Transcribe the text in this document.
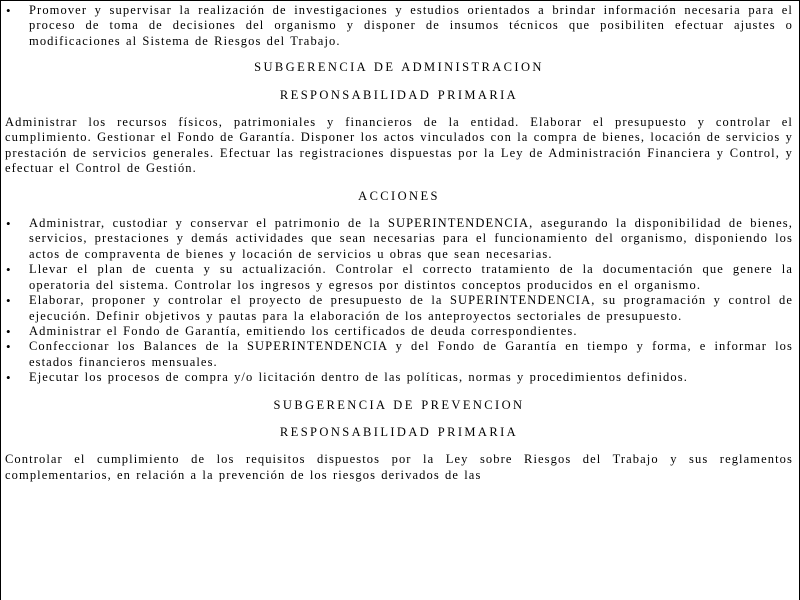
• Promover y supervisar la realización de investigaciones y estudios orientados a brindar información necesaria para el proceso de toma de decisiones del organismo y disponer de insumos técnicos que posibiliten efectuar ajustes o modificaciones al Sistema de Riesgos del Trabajo.

SUBGERENCIA DE ADMINISTRACION

RESPONSABILIDAD PRIMARIA

Administrar los recursos físicos, patrimoniales y financieros de la entidad. Elaborar el presupuesto y controlar el cumplimiento. Gestionar el Fondo de Garantía. Disponer los actos vinculados con la compra de bienes, locación de servicios y prestación de servicios generales. Efectuar las registraciones dispuestas por la Ley de Administración Financiera y Control, y efectuar el Control de Gestión.

ACCIONES

• Administrar, custodiar y conservar el patrimonio de la SUPERINTENDENCIA, asegurando la disponibilidad de bienes, servicios, prestaciones y demás actividades que sean necesarias para el funcionamiento del organismo, disponiendo los actos de compraventa de bienes y locación de servicios u obras que sean necesarias.
• Llevar el plan de cuenta y su actualización. Controlar el correcto tratamiento de la documentación que genere la operatoria del sistema. Controlar los ingresos y egresos por distintos conceptos producidos en el organismo.
• Elaborar, proponer y controlar el proyecto de presupuesto de la SUPERINTENDENCIA, su programación y control de ejecución. Definir objetivos y pautas para la elaboración de los anteproyectos sectoriales de presupuesto.
• Administrar el Fondo de Garantía, emitiendo los certificados de deuda correspondientes.
• Confeccionar los Balances de la SUPERINTENDENCIA y del Fondo de Garantía en tiempo y forma, e informar los estados financieros mensuales.
• Ejecutar los procesos de compra y/o licitación dentro de las políticas, normas y procedimientos definidos.

SUBGERENCIA DE PREVENCION

RESPONSABILIDAD PRIMARIA

Controlar el cumplimiento de los requisitos dispuestos por la Ley sobre Riesgos del Trabajo y sus reglamentos complementarios, en relación a la prevención de los riesgos derivados de las
